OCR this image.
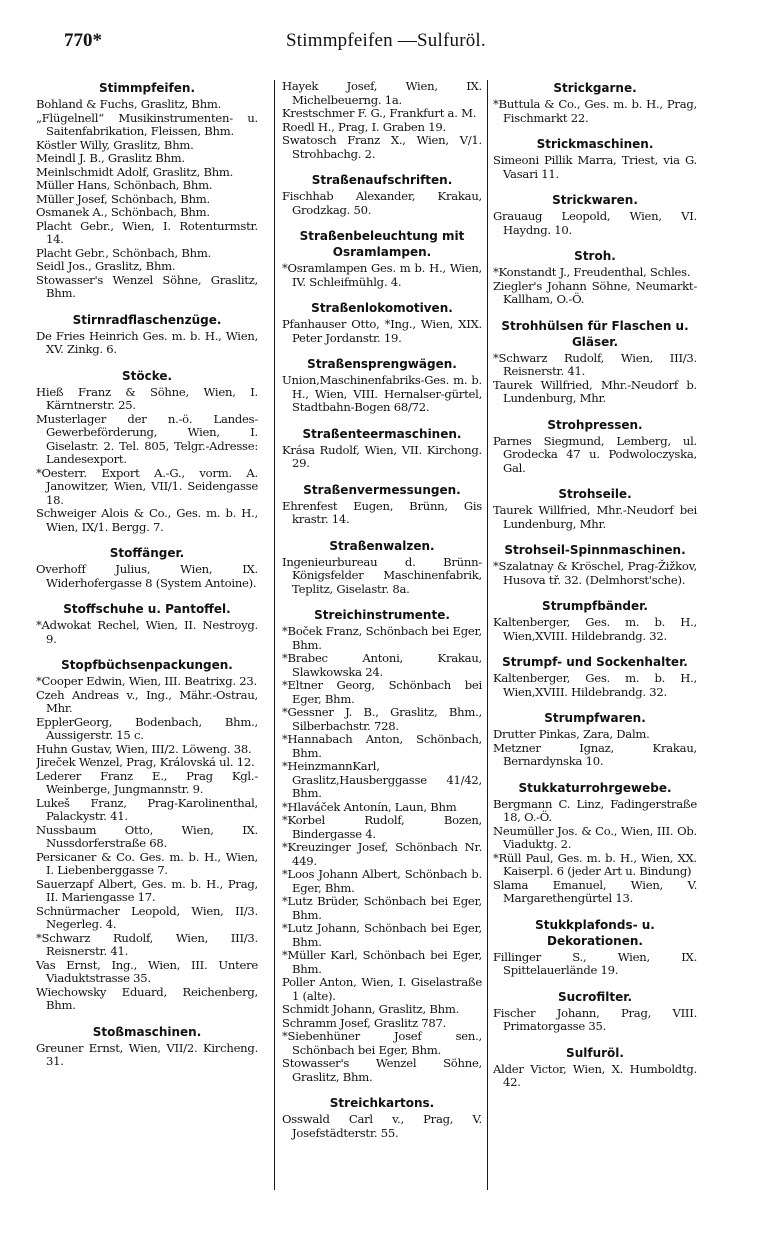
770*	Stimmpfeifen —Sulfuröl.
Stimmpfeifen.
Bohland & Fuchs, Graslitz, Bhm.
„Flügelnell“ Musikinstrumenten- u. Saitenfabrikation, Fleissen, Bhm.
Köstler Willy, Graslitz, Bhm.
Meindl J. B., Graslitz Bhm.
Meinlschmidt Adolf, Graslitz, Bhm.
Müller Hans, Schönbach, Bhm.
Müller Josef, Schönbach, Bhm.
Osmanek A., Schönbach, Bhm.
Placht Gebr., Wien, I. Rotenturmstr. 14.
Placht Gebr., Schönbach, Bhm.
Seidl Jos., Graslitz, Bhm.
Stowasser's Wenzel Söhne, Graslitz, Bhm.
Stirnradflaschenzüge.
De Fries Heinrich Ges. m. b. H., Wien, XV. Zinkg. 6.
Stöcke.
Hieß Franz & Söhne, Wien, I. Kärntnerstr. 25.
Musterlager der n.-ö. Landes-Gewerbeförderung, Wien, I. Giselastr. 2. Tel. 805, Telgr.-Adresse: Landesexport.
*Oesterr. Export A.-G., vorm. A. Janowitzer, Wien, VII/1. Seidengasse 18.
Schweiger Alois & Co., Ges. m. b. H., Wien, IX/1. Bergg. 7.
Stoffänger.
Overhoff Julius, Wien, IX. Widerhofergasse 8 (System Antoine).
Stoffschuhe u. Pantoffel.
*Adwokat Rechel, Wien, II. Nestroyg. 9.
Stopfbüchsenpackungen.
*Cooper Edwin, Wien, III. Beatrixg. 23.
Czeh Andreas v., Ing., Mähr.-Ostrau, Mhr.
EpplerGeorg, Bodenbach, Bhm., Aussigerstr. 15 c.
Huhn Gustav, Wien, III/2. Löweng. 38.
Jireček Wenzel, Prag, Královská ul. 12.
Lederer Franz E., Prag Kgl.-Weinberge, Jungmannstr. 9.
Lukeš Franz, Prag-Karolinenthal, Palackystr. 41.
Nussbaum Otto, Wien, IX. Nussdorferstraße 68.
Persicaner & Co. Ges. m. b. H., Wien, I. Liebenberggasse 7.
Sauerzapf Albert, Ges. m. b. H., Prag, II. Mariengasse 17.
Schnürmacher Leopold, Wien, II/3. Negerleg. 4.
*Schwarz Rudolf, Wien, III/3. Reisnerstr. 41.
Vas Ernst, Ing., Wien, III. Untere Viaduktstrasse 35.
Wiechowsky Eduard, Reichenberg, Bhm.
Stoßmaschinen.
Greuner Ernst, Wien, VII/2. Kircheng. 31.
Hayek Josef, Wien, IX. Michelbeuerng. 1a.
Krestschmer F. G., Frankfurt a. M.
Roedl H., Prag, I. Graben 19.
Swatosch Franz X., Wien, V/1. Strohbachg. 2.
Straßenaufschriften.
Fischhab Alexander, Krakau, Grodzkag. 50.
Straßenbeleuchtung mit Osramlampen.
*Osramlampen Ges. m b. H., Wien, IV. Schleifmühlg. 4.
Straßenlokomotiven.
Pfanhauser Otto, *Ing., Wien, XIX. Peter Jordanstr. 19.
Straßensprengwägen.
Union,Maschinenfabriks-Ges. m. b. H., Wien, VIII. Hernalser-gürtel, Stadtbahn-Bogen 68/72.
Straßenteermaschinen.
Krása Rudolf, Wien, VII. Kirchong. 29.
Straßenvermessungen.
Ehrenfest Eugen, Brünn, Gis krastr. 14.
Straßenwalzen.
Ingenieurbureau d. Brünn-Königsfelder Maschinenfabrik, Teplitz, Giselastr. 8a.
Streichinstrumente.
*Boček Franz, Schönbach bei Eger, Bhm.
*Brabec Antoni, Krakau, Slawkowska 24.
*Eltner Georg, Schönbach bei Eger, Bhm.
*Gessner J. B., Graslitz, Bhm., Silberbachstr. 728.
*Hannabach Anton, Schönbach, Bhm.
*HeinzmannKarl, Graslitz,Hausberggasse 41/42, Bhm.
*Hlaváček Antonín, Laun, Bhm
*Korbel Rudolf, Bozen, Bindergasse 4.
*Kreuzinger Josef, Schönbach Nr. 449.
*Loos Johann Albert, Schönbach b. Eger, Bhm.
*Lutz Brüder, Schönbach bei Eger, Bhm.
*Lutz Johann, Schönbach bei Eger, Bhm.
*Müller Karl, Schönbach bei Eger, Bhm.
Poller Anton, Wien, I. Giselastraße 1 (alte).
Schmidt Johann, Graslitz, Bhm.
Schramm Josef, Graslitz 787.
*Siebenhüner Josef sen., Schönbach bei Eger, Bhm.
Stowasser's Wenzel Söhne, Graslitz, Bhm.
Streichkartons.
Osswald Carl v., Prag, V. Josefstädterstr. 55.
Strickgarne.
*Buttula & Co., Ges. m. b. H., Prag, Fischmarkt 22.
Strickmaschinen.
Simeoni Pillik Marra, Triest, via G. Vasari 11.
Strickwaren.
Grauaug Leopold, Wien, VI. Haydng. 10.
Stroh.
*Konstandt J., Freudenthal, Schles.
Ziegler's Johann Söhne, Neumarkt-Kallham, O.-Ö.
Strohhülsen für Flaschen u. Gläser.
*Schwarz Rudolf, Wien, III/3. Reisnerstr. 41.
Taurek Willfried, Mhr.-Neudorf b. Lundenburg, Mhr.
Strohpressen.
Parnes Siegmund, Lemberg, ul. Grodecka 47 u. Podwoloczyska, Gal.
Strohseile.
Taurek Willfried, Mhr.-Neudorf bei Lundenburg, Mhr.
Strohseil-Spinnmaschinen.
*Szalatnay & Kröschel, Prag-Žižkov, Husova tř. 32. (Delmhorst'sche).
Strumpfbänder.
Kaltenberger, Ges. m. b. H., Wien,XVIII. Hildebrandg. 32.
Strumpf- und Sockenhalter.
Kaltenberger, Ges. m. b. H., Wien,XVIII. Hildebrandg. 32.
Strumpfwaren.
Drutter Pinkas, Zara, Dalm.
Metzner Ignaz, Krakau, Bernardynska 10.
Stukkaturrohrgewebe.
Bergmann C. Linz, Fadingerstraße 18, O.-Ö.
Neumüller Jos. & Co., Wien, III. Ob. Viaduktg. 2.
*Rüll Paul, Ges. m. b. H., Wien, XX. Kaiserpl. 6 (jeder Art u. Bindung)
Slama Emanuel, Wien, V. Margarethengürtel 13.
Stukkplafonds- u. Dekorationen.
Fillinger S., Wien, IX. Spittelauerlände 19.
Sucrofilter.
Fischer Johann, Prag, VIII. Primatorgasse 35.
Sulfuröl.
Alder Victor, Wien, X. Humboldtg. 42.
